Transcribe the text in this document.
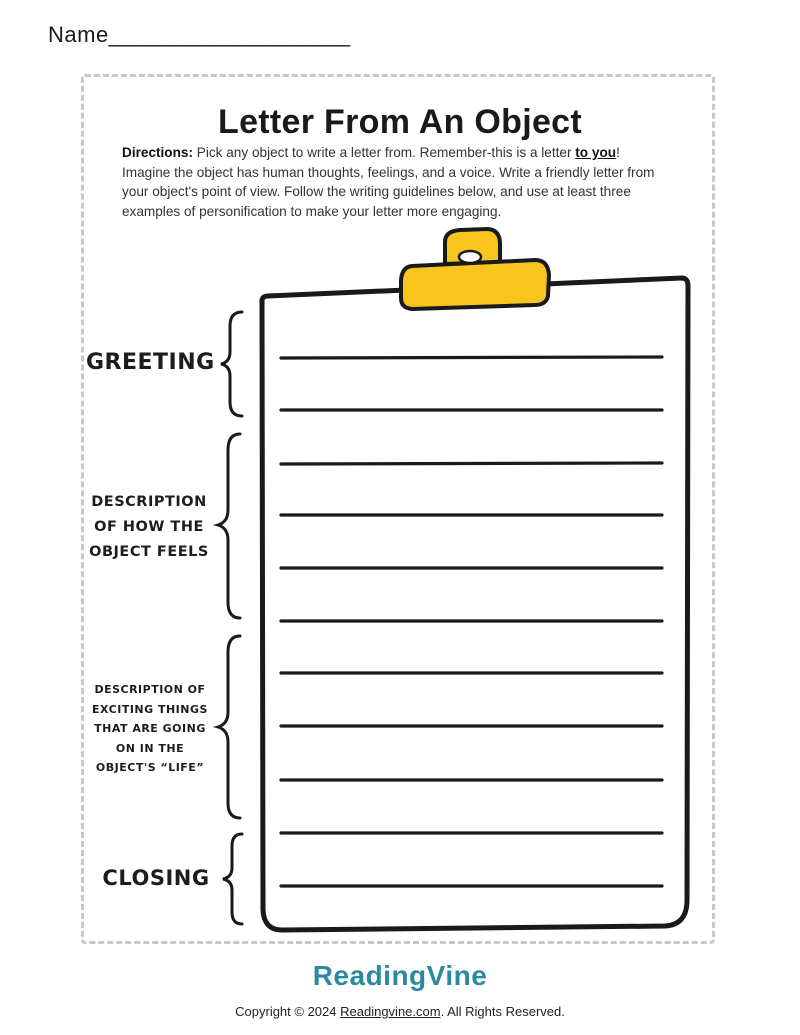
Name___________________
Letter From An Object
Directions: Pick any object to write a letter from. Remember-this is a letter to you! Imagine the object has human thoughts, feelings, and a voice. Write a friendly letter from your object's point of view. Follow the writing guidelines below, and use at least three examples of personification to make your letter more engaging.
GREETING
DESCRIPTION
OF HOW THE
OBJECT FEELS
DESCRIPTION OF
EXCITING THINGS
THAT ARE GOING
ON IN THE
OBJECT'S “LIFE”
CLOSING
ReadingVine
Copyright © 2024 Readingvine.com. All Rights Reserved.
